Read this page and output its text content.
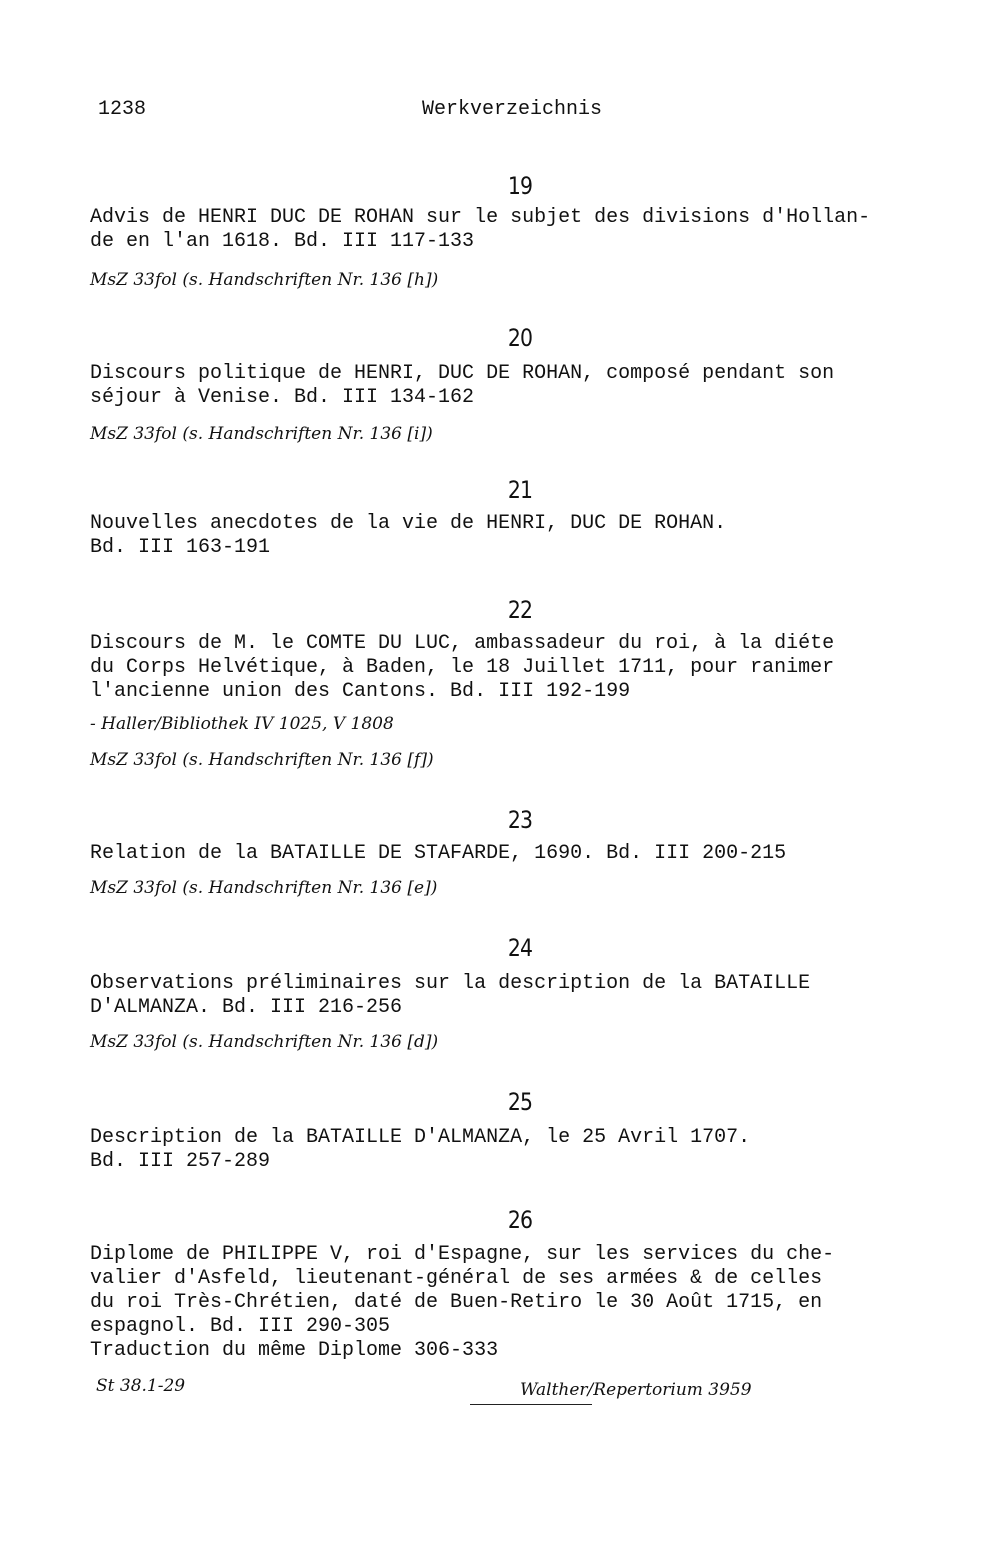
1238	Werkverzeichnis
19
Advis de HENRI DUC DE ROHAN sur le subjet des divisions d'Hollan-
de en l'an 1618. Bd. III 117-133
MsZ 33fol (s. Handschriften Nr. 136 [h])
20
Discours politique de HENRI, DUC DE ROHAN, composé pendant son
séjour à Venise. Bd. III 134-162
MsZ 33fol (s. Handschriften Nr. 136 [i])
21
Nouvelles anecdotes de la vie de HENRI, DUC DE ROHAN.
Bd. III 163-191
22
Discours de M. le COMTE DU LUC, ambassadeur du roi, à la diéte
du Corps Helvétique, à Baden, le 18 Juillet 1711, pour ranimer
l'ancienne union des Cantons. Bd. III 192-199
- Haller/Bibliothek IV 1025, V 1808
MsZ 33fol (s. Handschriften Nr. 136 [f])
23
Relation de la BATAILLE DE STAFARDE, 1690. Bd. III 200-215
MsZ 33fol (s. Handschriften Nr. 136 [e])
24
Observations préliminaires sur la description de la BATAILLE
D'ALMANZA. Bd. III 216-256
MsZ 33fol (s. Handschriften Nr. 136 [d])
25
Description de la BATAILLE D'ALMANZA, le 25 Avril 1707.
Bd. III 257-289
26
Diplome de PHILIPPE V, roi d'Espagne, sur les services du che-
valier d'Asfeld, lieutenant-général de ses armées & de celles
du roi Très-Chrétien, daté de Buen-Retiro le 30 Août 1715, en
espagnol. Bd. III 290-305
Traduction du même Diplome 306-333
St 38.1-29	Walther/Repertorium 3959
